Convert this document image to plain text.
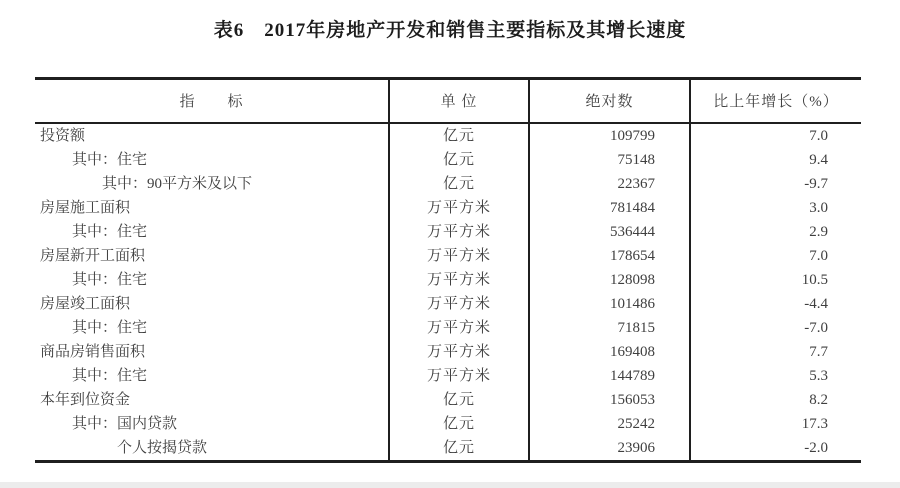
表6　2017年房地产开发和销售主要指标及其增长速度
指　　标	单 位	绝对数	比上年增长（%）
投资额	亿元	109799	7.0
其中：住宅	亿元	75148	9.4
其中：90平方米及以下	亿元	22367	-9.7
房屋施工面积	万平方米	781484	3.0
其中：住宅	万平方米	536444	2.9
房屋新开工面积	万平方米	178654	7.0
其中：住宅	万平方米	128098	10.5
房屋竣工面积	万平方米	101486	-4.4
其中：住宅	万平方米	71815	-7.0
商品房销售面积	万平方米	169408	7.7
其中：住宅	万平方米	144789	5.3
本年到位资金	亿元	156053	8.2
其中：国内贷款	亿元	25242	17.3
个人按揭贷款	亿元	23906	-2.0
